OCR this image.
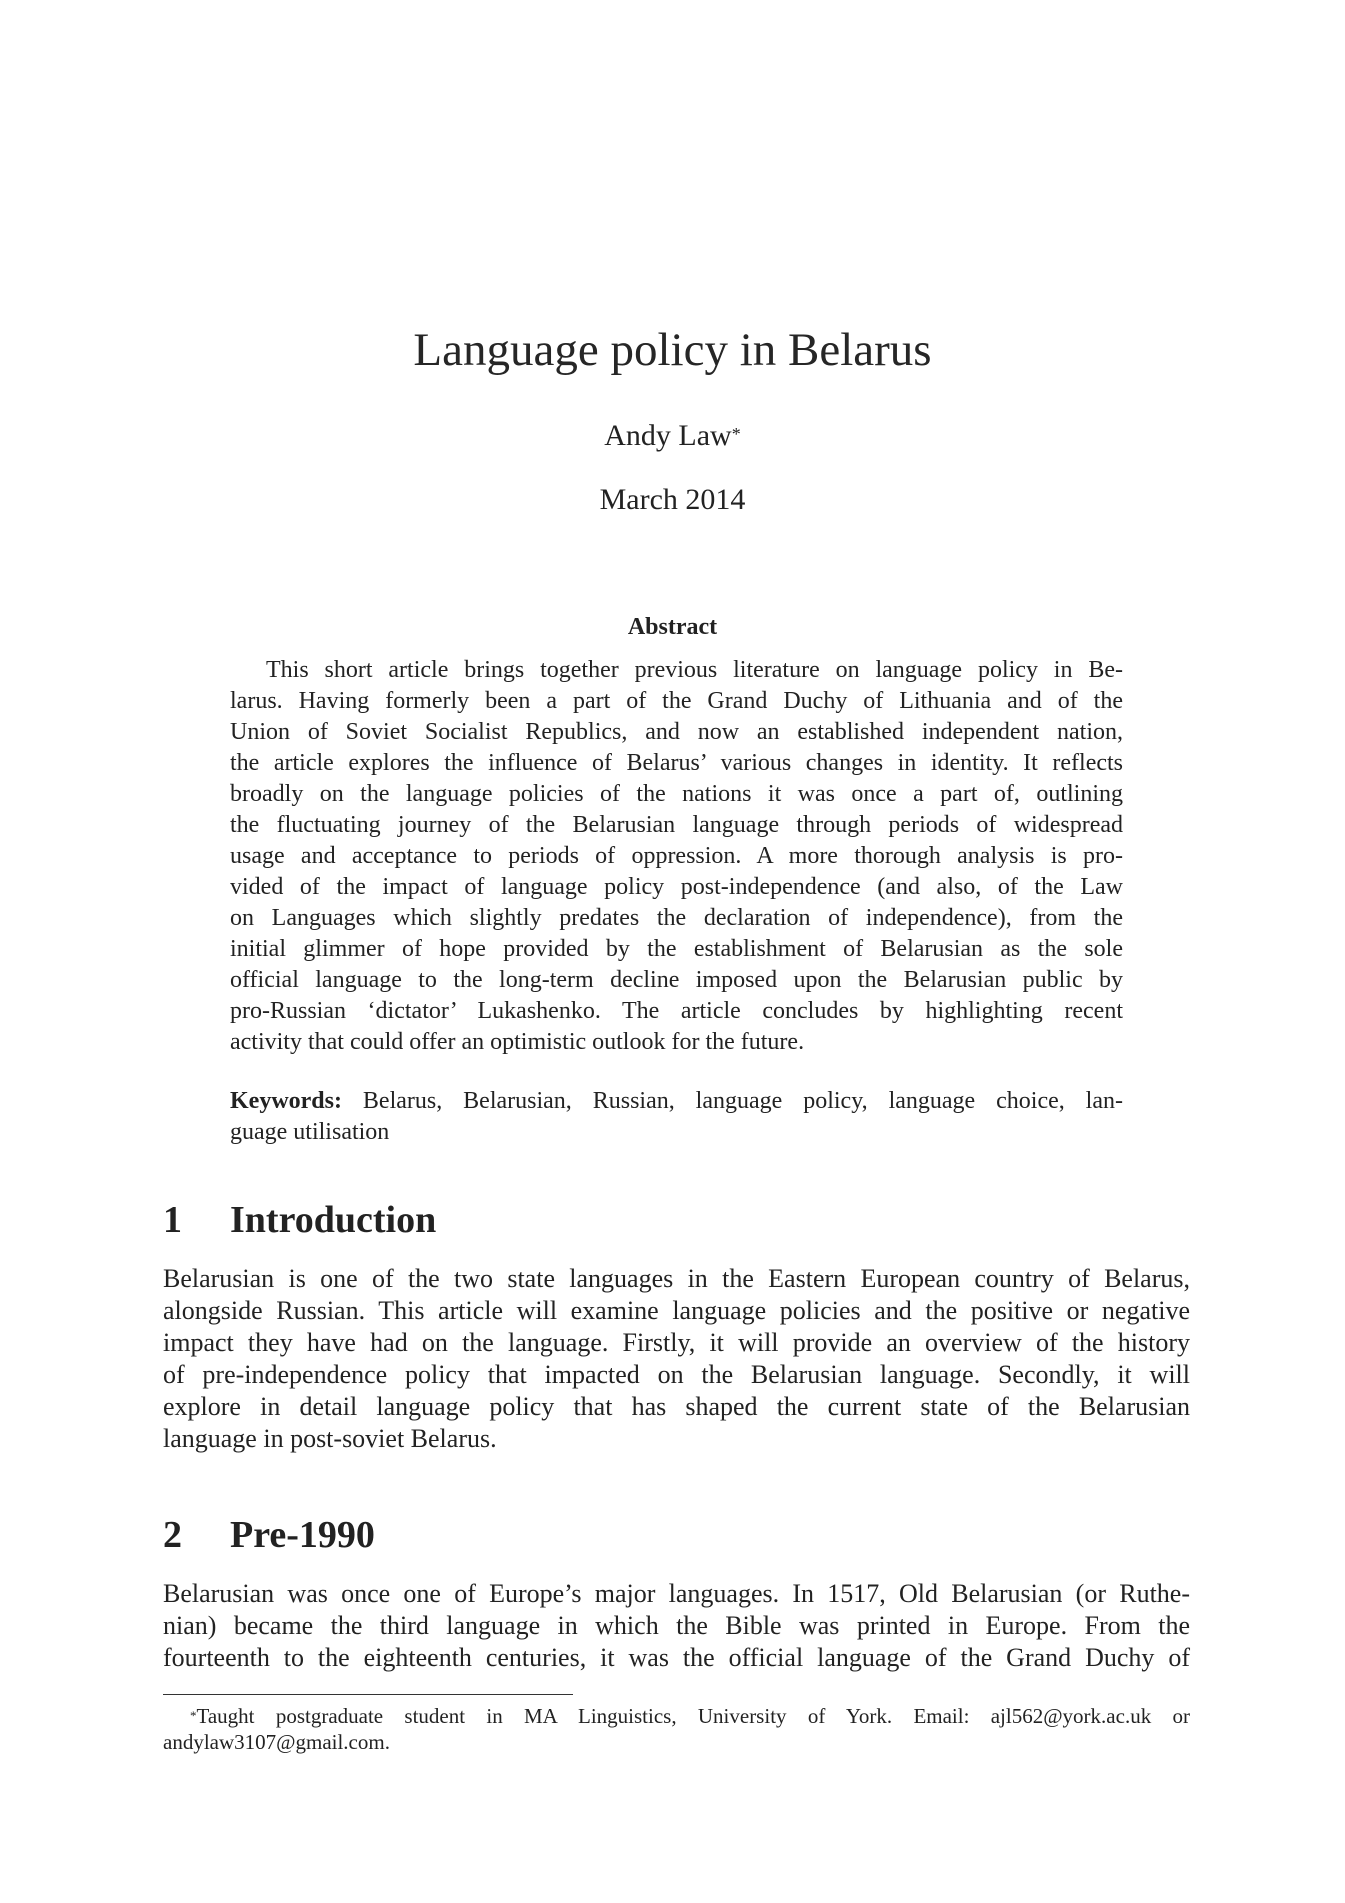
Language policy in Belarus
Andy Law*
March 2014
Abstract
This short article brings together previous literature on language policy in Be-
larus. Having formerly been a part of the Grand Duchy of Lithuania and of the
Union of Soviet Socialist Republics, and now an established independent nation,
the article explores the influence of Belarus’ various changes in identity. It reflects
broadly on the language policies of the nations it was once a part of, outlining
the fluctuating journey of the Belarusian language through periods of widespread
usage and acceptance to periods of oppression. A more thorough analysis is pro-
vided of the impact of language policy post-independence (and also, of the Law
on Languages which slightly predates the declaration of independence), from the
initial glimmer of hope provided by the establishment of Belarusian as the sole
official language to the long-term decline imposed upon the Belarusian public by
pro-Russian ‘dictator’ Lukashenko. The article concludes by highlighting recent
activity that could offer an optimistic outlook for the future.
Keywords: Belarus, Belarusian, Russian, language policy, language choice, lan-
guage utilisation
1 Introduction
Belarusian is one of the two state languages in the Eastern European country of Belarus,
alongside Russian. This article will examine language policies and the positive or negative
impact they have had on the language. Firstly, it will provide an overview of the history
of pre-independence policy that impacted on the Belarusian language. Secondly, it will
explore in detail language policy that has shaped the current state of the Belarusian
language in post-soviet Belarus.
2 Pre-1990
Belarusian was once one of Europe’s major languages. In 1517, Old Belarusian (or Ruthe-
nian) became the third language in which the Bible was printed in Europe. From the
fourteenth to the eighteenth centuries, it was the official language of the Grand Duchy of
*Taught postgraduate student in MA Linguistics, University of York. Email: ajl562@york.ac.uk or
andylaw3107@gmail.com.
